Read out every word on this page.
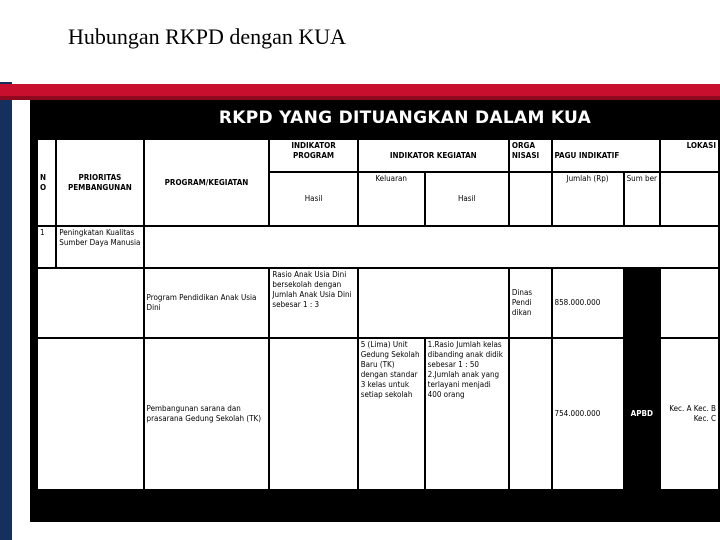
Hubungan RKPD dengan KUA
RKPD YANG DITUANGKAN DALAM KUA
N O	PRIORITAS PEMBANGUNAN	PROGRAM/KEGIATAN	INDIKATOR PROGRAM	INDIKATOR KEGIATAN		ORGA NISASI	PAGU INDIKATIF		LOKASI
			Hasil	Keluaran	Hasil		Jumlah (Rp)	Sum ber	
1	Peningkatan Kualitas Sumber Daya Manusia								
		Program Pendidikan Anak Usia Dini	Rasio Anak Usia Dini bersekolah dengan Jumlah Anak Usia Dini sebesar 1 : 3			Dinas Pendi dikan	858.000.000		
		Pembangunan sarana dan prasarana Gedung Sekolah (TK)		5 (Lima) Unit Gedung Sekolah Baru (TK) dengan standar 3 kelas untuk setiap sekolah	1.Rasio Jumlah kelas dibanding anak didik sebesar 1 : 50 2.Jumlah anak yang terlayani menjadi 400 orang		754.000.000	APBD	Kec. A Kec. B Kec. C
